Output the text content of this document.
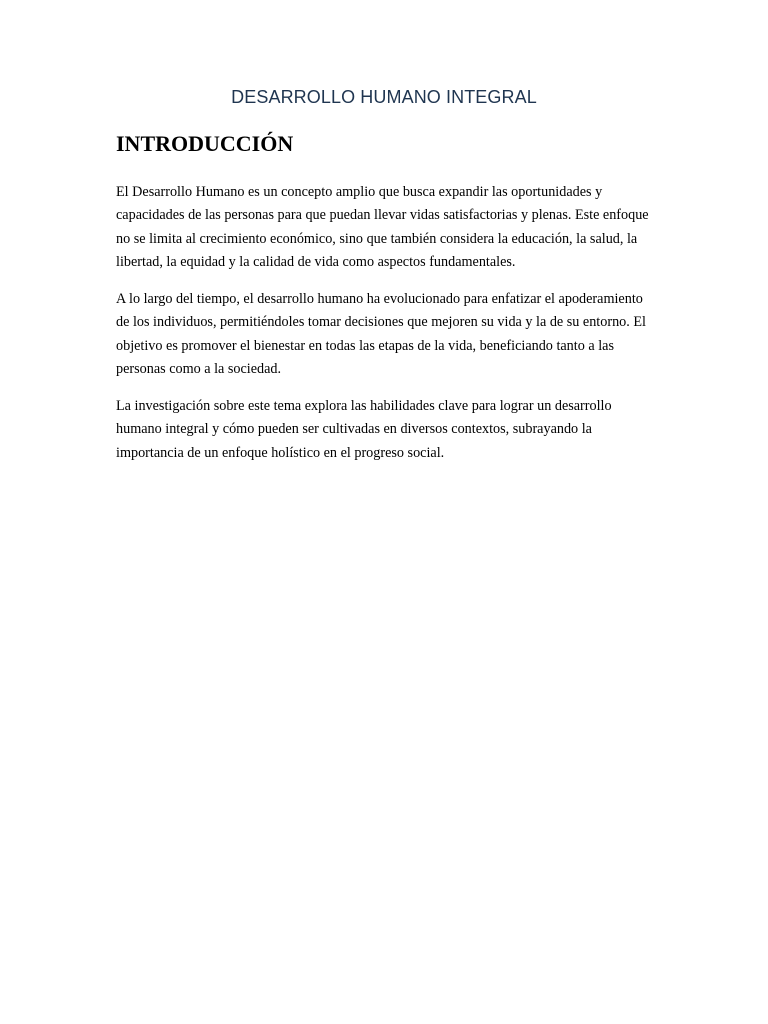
DESARROLLO HUMANO INTEGRAL
INTRODUCCIÓN

El Desarrollo Humano es un concepto amplio que busca expandir las oportunidades y capacidades de las personas para que puedan llevar vidas satisfactorias y plenas. Este enfoque no se limita al crecimiento económico, sino que también considera la educación, la salud, la libertad, la equidad y la calidad de vida como aspectos fundamentales.

A lo largo del tiempo, el desarrollo humano ha evolucionado para enfatizar el apoderamiento de los individuos, permitiéndoles tomar decisiones que mejoren su vida y la de su entorno. El objetivo es promover el bienestar en todas las etapas de la vida, beneficiando tanto a las personas como a la sociedad.

La investigación sobre este tema explora las habilidades clave para lograr un desarrollo humano integral y cómo pueden ser cultivadas en diversos contextos, subrayando la importancia de un enfoque holístico en el progreso social.
